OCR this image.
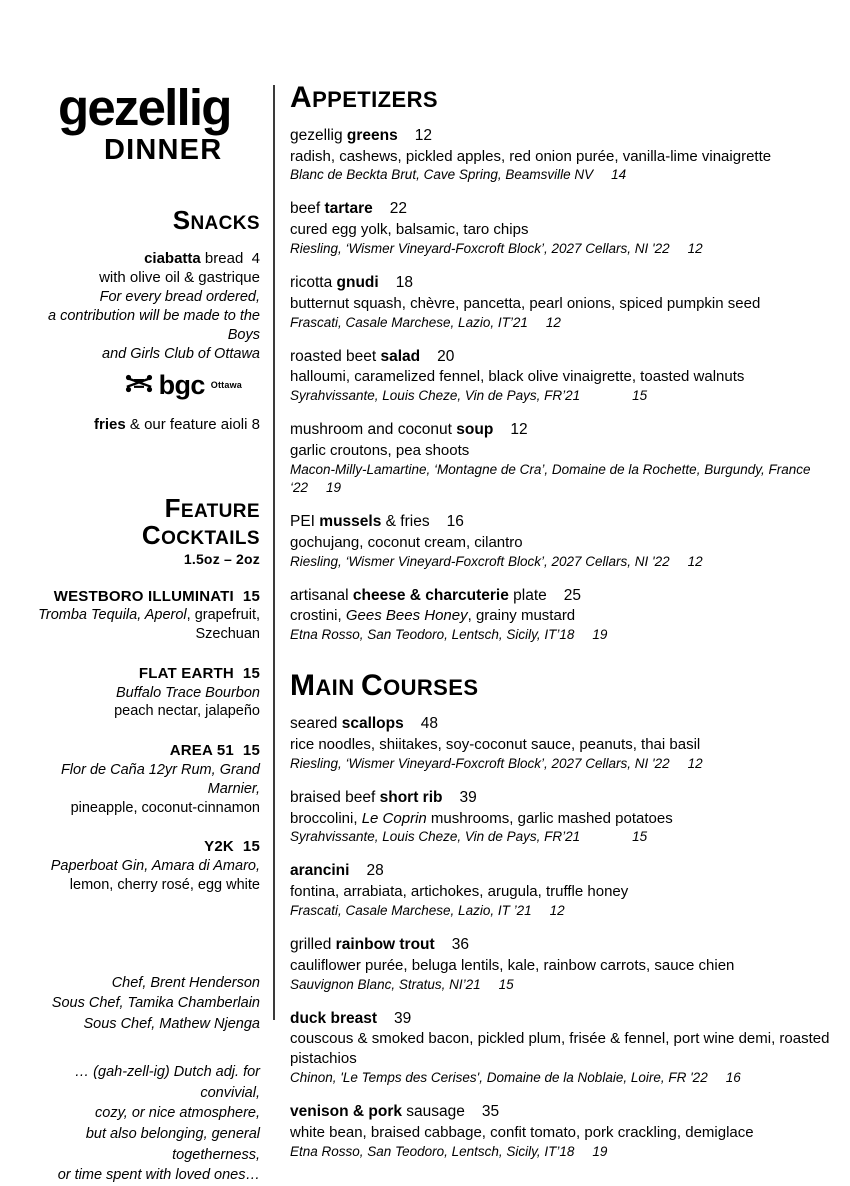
gezellig
DINNER
SNACKS
ciabatta bread 4
with olive oil & gastrique
For every bread ordered,
a contribution will be made to the Boys
and Girls Club of Ottawa
bgc Ottawa
fries & our feature aioli 8
FEATURE
COCKTAILS
1.5oz – 2oz
WESTBORO ILLUMINATI 15
Tromba Tequila, Aperol, grapefruit,
Szechuan
FLAT EARTH 15
Buffalo Trace Bourbon
peach nectar, jalapeño
AREA 51 15
Flor de Caña 12yr Rum, Grand Marnier,
pineapple, coconut-cinnamon
Y2K 15
Paperboat Gin, Amara di Amaro,
lemon, cherry rosé, egg white
Chef, Brent Henderson
Sous Chef, Tamika Chamberlain
Sous Chef, Mathew Njenga
… (gah-zell-ig) Dutch adj. for convivial,
cozy, or nice atmosphere,
but also belonging, general togetherness,
or time spent with loved ones…
APPETIZERS
gezellig greens 12
radish, cashews, pickled apples, red onion purée, vanilla-lime vinaigrette
Blanc de Beckta Brut, Cave Spring, Beamsville NV 14
beef tartare 22
cured egg yolk, balsamic, taro chips
Riesling, ‘Wismer Vineyard-Foxcroft Block’, 2027 Cellars, NI '22 12
ricotta gnudi 18
butternut squash, chèvre, pancetta, pearl onions, spiced pumpkin seed
Frascati, Casale Marchese, Lazio, IT’21 12
roasted beet salad 20
halloumi, caramelized fennel, black olive vinaigrette, toasted walnuts
Syrahvissante, Louis Cheze, Vin de Pays, FR’21	15
mushroom and coconut soup 12
garlic croutons, pea shoots
Macon-Milly-Lamartine, ‘Montagne de Cra’, Domaine de la Rochette, Burgundy, France ‘22 19
PEI mussels & fries 16
gochujang, coconut cream, cilantro
Riesling, ‘Wismer Vineyard-Foxcroft Block’, 2027 Cellars, NI '22 12
artisanal cheese & charcuterie plate 25
crostini, Gees Bees Honey, grainy mustard
Etna Rosso, San Teodoro, Lentsch, Sicily, IT’18 19
MAIN COURSES
seared scallops 48
rice noodles, shiitakes, soy-coconut sauce, peanuts, thai basil
Riesling, ‘Wismer Vineyard-Foxcroft Block’, 2027 Cellars, NI '22 12
braised beef short rib 39
broccolini, Le Coprin mushrooms, garlic mashed potatoes
Syrahvissante, Louis Cheze, Vin de Pays, FR’21	15
arancini 28
fontina, arrabiata, artichokes, arugula, truffle honey
Frascati, Casale Marchese, Lazio, IT ’21 12
grilled rainbow trout 36
cauliflower purée, beluga lentils, kale, rainbow carrots, sauce chien
Sauvignon Blanc, Stratus, NI’21 15
duck breast 39
couscous & smoked bacon, pickled plum, frisée & fennel, port wine demi, roasted pistachios
Chinon, 'Le Temps des Cerises', Domaine de la Noblaie, Loire, FR '22 16
venison & pork sausage 35
white bean, braised cabbage, confit tomato, pork crackling, demiglace
Etna Rosso, San Teodoro, Lentsch, Sicily, IT’18 19
